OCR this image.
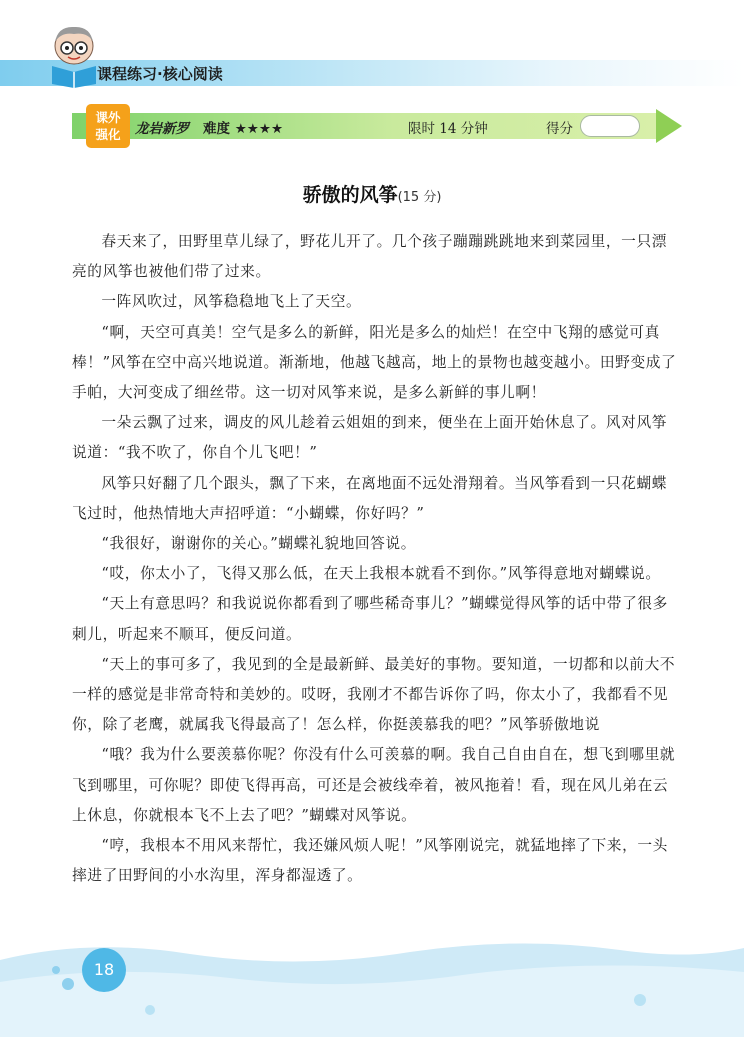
课程练习·核心阅读
课外
强化	龙岩新罗 难度 ★★★★	限时 14 分钟	得分
骄傲的风筝(15 分)

春天来了，田野里草儿绿了，野花儿开了。几个孩子蹦蹦跳跳地来到菜园里，一只漂亮的风筝也被他们带了过来。

一阵风吹过，风筝稳稳地飞上了天空。

“啊，天空可真美！空气是多么的新鲜，阳光是多么的灿烂！在空中飞翔的感觉可真棒！”风筝在空中高兴地说道。渐渐地，他越飞越高，地上的景物也越变越小。田野变成了手帕，大河变成了细丝带。这一切对风筝来说，是多么新鲜的事儿啊！

一朵云飘了过来，调皮的风儿趁着云姐姐的到来，便坐在上面开始休息了。风对风筝说道：“我不吹了，你自个儿飞吧！”

风筝只好翻了几个跟头，飘了下来，在离地面不远处滑翔着。当风筝看到一只花蝴蝶飞过时，他热情地大声招呼道：“小蝴蝶，你好吗？”

“我很好，谢谢你的关心。”蝴蝶礼貌地回答说。

“哎，你太小了，飞得又那么低，在天上我根本就看不到你。”风筝得意地对蝴蝶说。

“天上有意思吗？和我说说你都看到了哪些稀奇事儿？”蝴蝶觉得风筝的话中带了很多刺儿，听起来不顺耳，便反问道。

“天上的事可多了，我见到的全是最新鲜、最美好的事物。要知道，一切都和以前大不一样的感觉是非常奇特和美妙的。哎呀，我刚才不都告诉你了吗，你太小了，我都看不见你，除了老鹰，就属我飞得最高了！怎么样，你挺羡慕我的吧？”风筝骄傲地说

“哦？我为什么要羡慕你呢？你没有什么可羡慕的啊。我自己自由自在，想飞到哪里就飞到哪里，可你呢？即使飞得再高，可还是会被线牵着，被风拖着！看，现在风儿弟在云上休息，你就根本飞不上去了吧？”蝴蝶对风筝说。

“哼，我根本不用风来帮忙，我还嫌风烦人呢！”风筝刚说完，就猛地摔了下来，一头摔进了田野间的小水沟里，浑身都湿透了。

18
